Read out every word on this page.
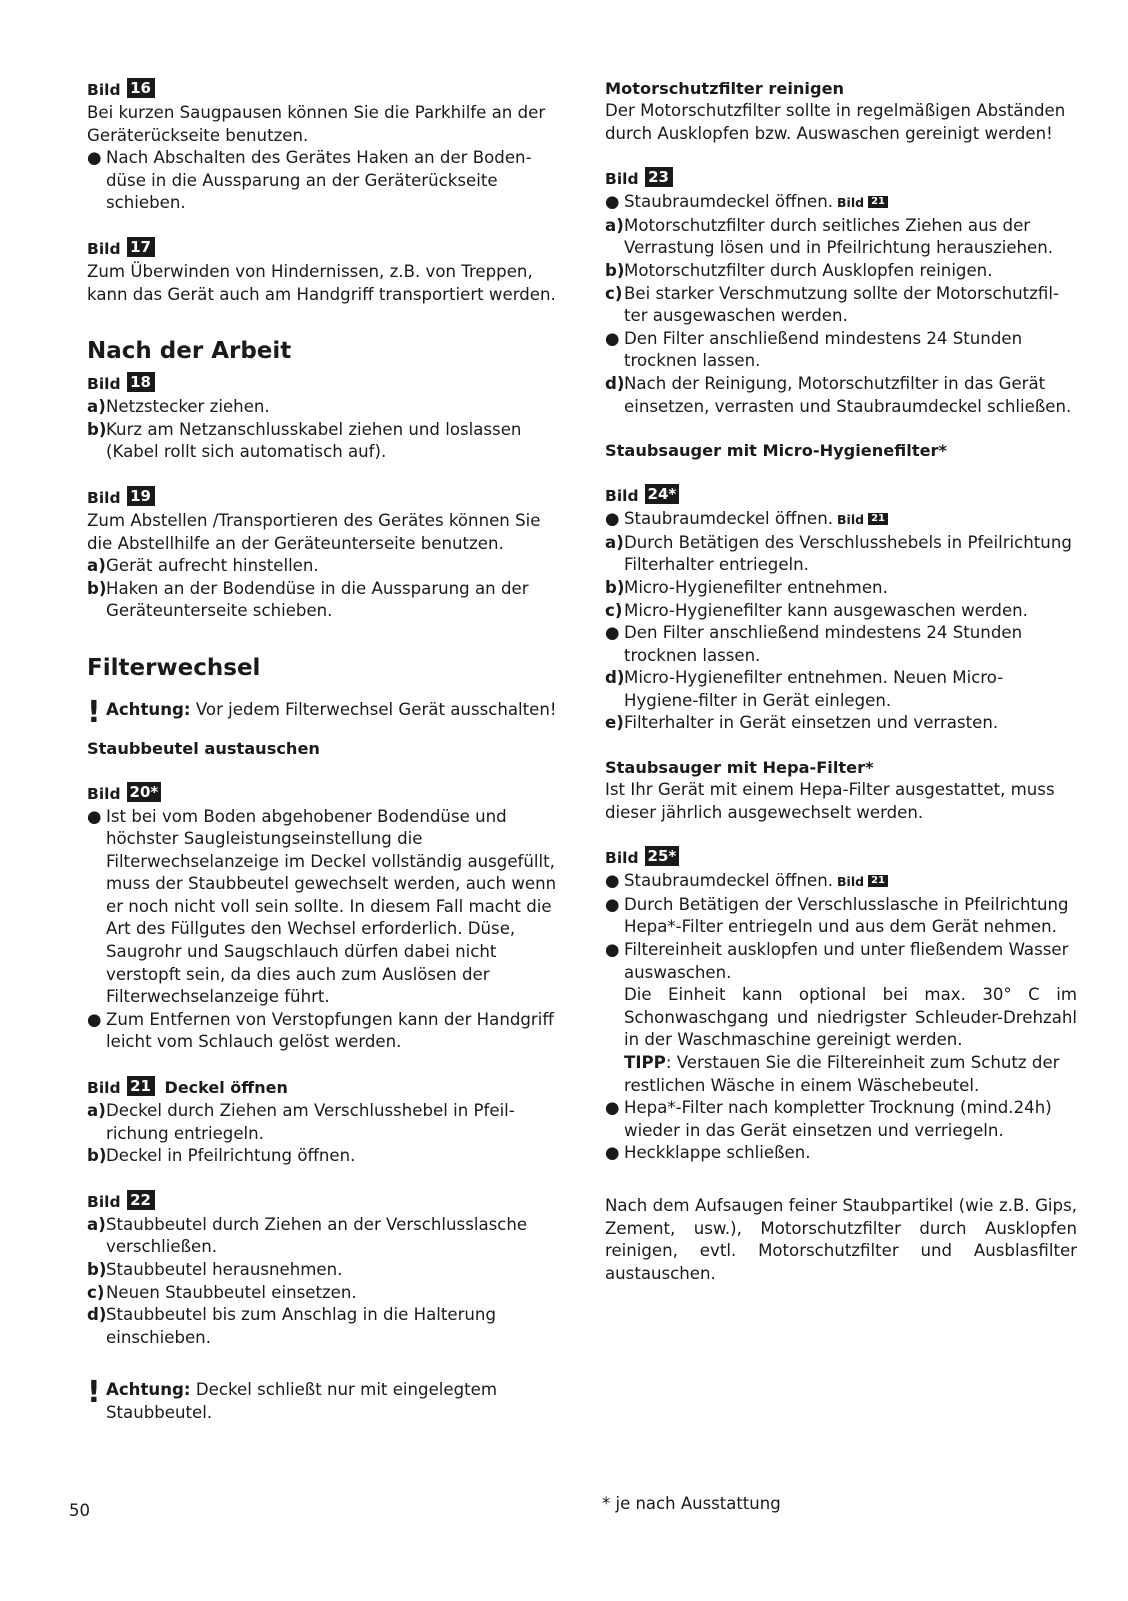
Bild 16

Bei kurzen Saugpausen können Sie die Parkhilfe an der Geräterückseite benutzen.

● Nach Abschalten des Gerätes Haken an der Boden-düse in die Aussparung an der Geräterückseite schieben.
Bild 17

Zum Überwinden von Hindernissen, z.B. von Treppen, kann das Gerät auch am Handgriff transportiert werden.

Nach der Arbeit
Bild 18
a) Netzstecker ziehen.
b) Kurz am Netzanschlusskabel ziehen und loslassen (Kabel rollt sich automatisch auf).
Bild 19

Zum Abstellen /Transportieren des Gerätes können Sie die Abstellhilfe an der Geräteunterseite benutzen.

a) Gerät aufrecht hinstellen.
b) Haken an der Bodendüse in die Aussparung an der Geräteunterseite schieben.
Filterwechsel
! Achtung: Vor jedem Filterwechsel Gerät ausschalten!
Staubbeutel austauschen
Bild 20*
● Ist bei vom Boden abgehobener Bodendüse und höchster Saugleistungseinstellung die Filterwechselanzeige im Deckel vollständig ausgefüllt, muss der Staubbeutel gewechselt werden, auch wenn er noch nicht voll sein sollte. In diesem Fall macht die Art des Füllgutes den Wechsel erforderlich. Düse, Saugrohr und Saugschlauch dürfen dabei nicht verstopft sein, da dies auch zum Auslösen der Filterwechselanzeige führt.
● Zum Entfernen von Verstopfungen kann der Handgriff leicht vom Schlauch gelöst werden.
Bild 21 Deckel öffnen
a) Deckel durch Ziehen am Verschlusshebel in Pfeil-richung entriegeln.
b) Deckel in Pfeilrichtung öffnen.
Bild 22
a) Staubbeutel durch Ziehen an der Verschlusslasche verschließen.
b) Staubbeutel herausnehmen.
c) Neuen Staubbeutel einsetzen.
d) Staubbeutel bis zum Anschlag in die Halterung einschieben.
! Achtung: Deckel schließt nur mit eingelegtem Staubbeutel.
Motorschutzfilter reinigen

Der Motorschutzfilter sollte in regelmäßigen Abständen durch Ausklopfen bzw. Auswaschen gereinigt werden!

Bild 23
● Staubraumdeckel öffnen. Bild 21
a) Motorschutzfilter durch seitliches Ziehen aus der Verrastung lösen und in Pfeilrichtung herausziehen.
b) Motorschutzfilter durch Ausklopfen reinigen.
c) Bei starker Verschmutzung sollte der Motorschutzfil-ter ausgewaschen werden.
● Den Filter anschließend mindestens 24 Stunden trocknen lassen.
d) Nach der Reinigung, Motorschutzfilter in das Gerät einsetzen, verrasten und Staubraumdeckel schließen.
Staubsauger mit Micro-Hygienefilter*
Bild 24*
● Staubraumdeckel öffnen. Bild 21
a) Durch Betätigen des Verschlusshebels in Pfeilrichtung Filterhalter entriegeln.
b) Micro-Hygienefilter entnehmen.
c) Micro-Hygienefilter kann ausgewaschen werden.
● Den Filter anschließend mindestens 24 Stunden trocknen lassen.
d) Micro-Hygienefilter entnehmen. Neuen Micro-Hygiene-filter in Gerät einlegen.
e) Filterhalter in Gerät einsetzen und verrasten.
Staubsauger mit Hepa-Filter*

Ist Ihr Gerät mit einem Hepa-Filter ausgestattet, muss dieser jährlich ausgewechselt werden.

Bild 25*
● Staubraumdeckel öffnen. Bild 21
● Durch Betätigen der Verschlusslasche in Pfeilrichtung Hepa*-Filter entriegeln und aus dem Gerät nehmen.
● Filtereinheit ausklopfen und unter fließendem Wasser auswaschen.
Die Einheit kann optional bei max. 30° C im Schonwaschgang und niedrigster Schleuder-Drehzahl in der Waschmaschine gereinigt werden.
TIPP: Verstauen Sie die Filtereinheit zum Schutz der restlichen Wäsche in einem Wäschebeutel.
● Hepa*-Filter nach kompletter Trocknung (mind.24h) wieder in das Gerät einsetzen und verriegeln.
● Heckklappe schließen.

Nach dem Aufsaugen feiner Staubpartikel (wie z.B. Gips, Zement, usw.), Motorschutzfilter durch Ausklopfen reinigen, evtl. Motorschutzfilter und Ausblasfilter austauschen.

50	* je nach Ausstattung
